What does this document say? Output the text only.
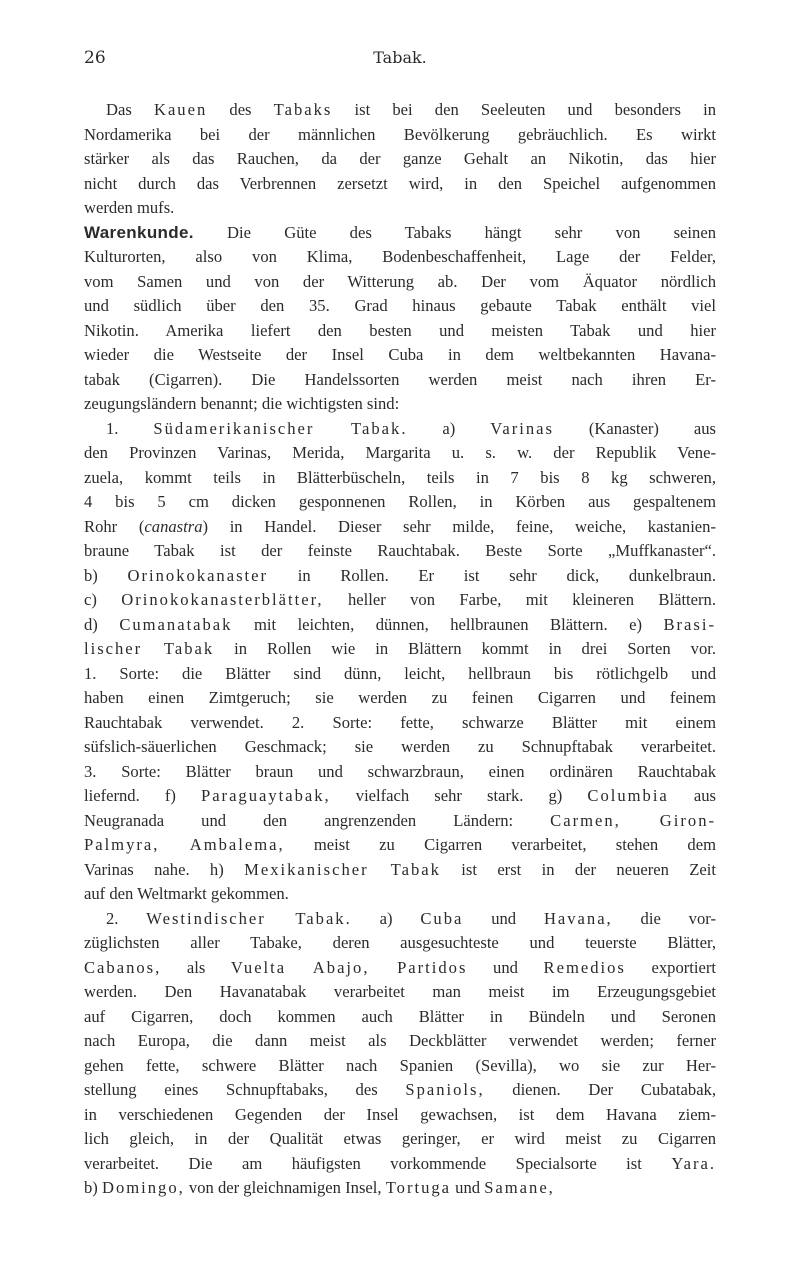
26	Tabak.
Das Kauen des Tabaks ist bei den Seeleuten und besonders in
Nordamerika bei der männlichen Bevölkerung gebräuchlich. Es wirkt
stärker als das Rauchen, da der ganze Gehalt an Nikotin, das hier
nicht durch das Verbrennen zersetzt wird, in den Speichel aufgenommen
werden mufs.
Warenkunde. Die Güte des Tabaks hängt sehr von seinen
Kulturorten, also von Klima, Bodenbeschaffenheit, Lage der Felder,
vom Samen und von der Witterung ab. Der vom Äquator nördlich
und südlich über den 35. Grad hinaus gebaute Tabak enthält viel
Nikotin. Amerika liefert den besten und meisten Tabak und hier
wieder die Westseite der Insel Cuba in dem weltbekannten Havana-
tabak (Cigarren). Die Handelssorten werden meist nach ihren Er-
zeugungsländern benannt; die wichtigsten sind:
1. Südamerikanischer Tabak. a) Varinas (Kanaster) aus
den Provinzen Varinas, Merida, Margarita u. s. w. der Republik Vene-
zuela, kommt teils in Blätterbüscheln, teils in 7 bis 8 kg schweren,
4 bis 5 cm dicken gesponnenen Rollen, in Körben aus gespaltenem
Rohr (canastra) in Handel. Dieser sehr milde, feine, weiche, kastanien-
braune Tabak ist der feinste Rauchtabak. Beste Sorte „Muffkanaster“.
b) Orinokokanaster in Rollen. Er ist sehr dick, dunkelbraun.
c) Orinokokanasterblätter, heller von Farbe, mit kleineren Blättern.
d) Cumanatabak mit leichten, dünnen, hellbraunen Blättern. e) Brasi-
lischer Tabak in Rollen wie in Blättern kommt in drei Sorten vor.
1. Sorte: die Blätter sind dünn, leicht, hellbraun bis rötlichgelb und
haben einen Zimtgeruch; sie werden zu feinen Cigarren und feinem
Rauchtabak verwendet. 2. Sorte: fette, schwarze Blätter mit einem
süfslich-säuerlichen Geschmack; sie werden zu Schnupftabak verarbeitet.
3. Sorte: Blätter braun und schwarzbraun, einen ordinären Rauchtabak
liefernd. f) Paraguaytabak, vielfach sehr stark. g) Columbia aus
Neugranada und den angrenzenden Ländern: Carmen, Giron-
Palmyra, Ambalema, meist zu Cigarren verarbeitet, stehen dem
Varinas nahe. h) Mexikanischer Tabak ist erst in der neueren Zeit
auf den Weltmarkt gekommen.
2. Westindischer Tabak. a) Cuba und Havana, die vor-
züglichsten aller Tabake, deren ausgesuchteste und teuerste Blätter,
Cabanos, als Vuelta Abajo, Partidos und Remedios exportiert
werden. Den Havanatabak verarbeitet man meist im Erzeugungsgebiet
auf Cigarren, doch kommen auch Blätter in Bündeln und Seronen
nach Europa, die dann meist als Deckblätter verwendet werden; ferner
gehen fette, schwere Blätter nach Spanien (Sevilla), wo sie zur Her-
stellung eines Schnupftabaks, des Spaniols, dienen. Der Cubatabak,
in verschiedenen Gegenden der Insel gewachsen, ist dem Havana ziem-
lich gleich, in der Qualität etwas geringer, er wird meist zu Cigarren
verarbeitet. Die am häufigsten vorkommende Specialsorte ist Yara.
b) Domingo, von der gleichnamigen Insel, Tortuga und Samane,
